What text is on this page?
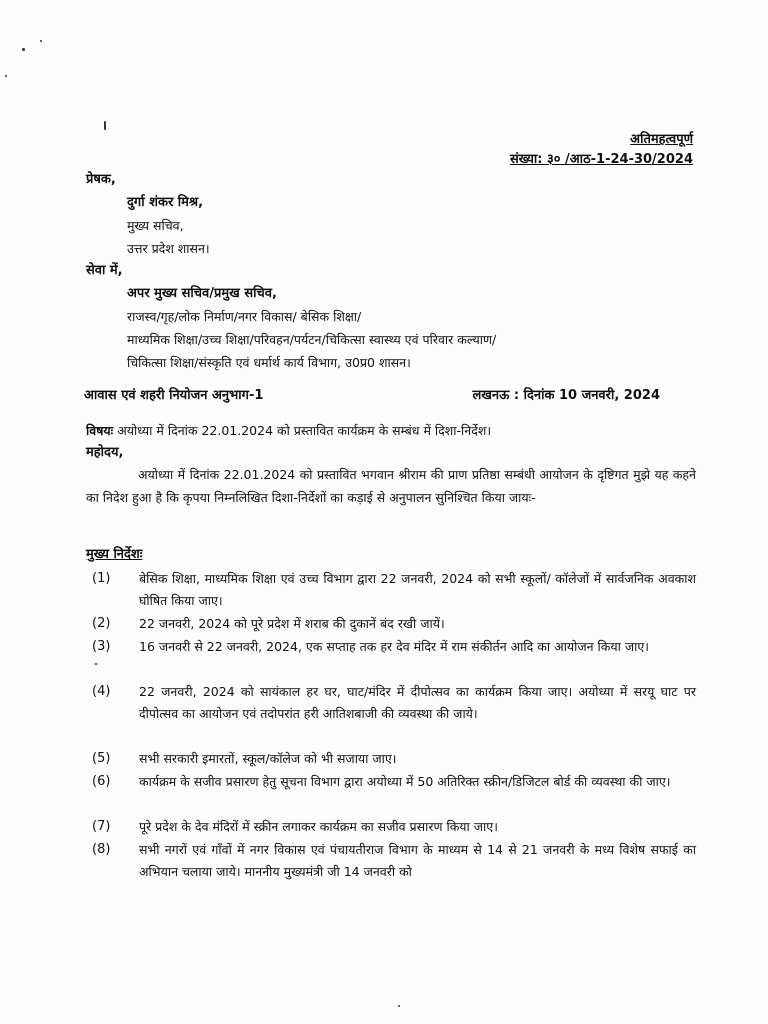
अतिमहत्वपूर्ण
संख्या: ३० /आठ-1-24-30/2024
प्रेषक,
दुर्गा शंकर मिश्र,
मुख्य सचिव,
उत्तर प्रदेश शासन।
सेवा में,
अपर मुख्य सचिव/प्रमुख सचिव,
राजस्व/गृह/लोक निर्माण/नगर विकास/ बेसिक शिक्षा/
माध्यमिक शिक्षा/उच्च शिक्षा/परिवहन/पर्यटन/चिकित्सा स्वास्थ्य एवं परिवार कल्याण/
चिकित्सा शिक्षा/संस्कृति एवं धर्मार्थ कार्य विभाग, उ0प्र0 शासन।
आवास एवं शहरी नियोजन अनुभाग-1	लखनऊ : दिनांक 10 जनवरी, 2024
विषयः अयोध्या में दिनांक 22.01.2024 को प्रस्तावित कार्यक्रम के सम्बंध में दिशा-निर्देश।
महोदय,
अयोध्या में दिनांक 22.01.2024 को प्रस्तावित भगवान श्रीराम की प्राण प्रतिष्ठा सम्बंधी आयोजन के दृष्टिगत मुझे यह कहने का निदेश हुआ है कि कृपया निम्नलिखित दिशा-निर्देशों का कड़ाई से अनुपालन सुनिश्चित किया जायः-
मुख्य निर्देशः
(1) बेसिक शिक्षा, माध्यमिक शिक्षा एवं उच्च विभाग द्वारा 22 जनवरी, 2024 को सभी स्कूलों/ कॉलेजों में सार्वजनिक अवकाश घोषित किया जाए।
(2) 22 जनवरी, 2024 को पूरे प्रदेश में शराब की दुकानें बंद रखी जायें।
(3) 16 जनवरी से 22 जनवरी, 2024, एक सप्ताह तक हर देव मंदिर में राम संकीर्तन आदि का आयोजन किया जाए।
(4) 22 जनवरी, 2024 को सायंकाल हर घर, घाट/मंदिर में दीपोत्सव का कार्यक्रम किया जाए। अयोध्या में सरयू घाट पर दीपोत्सव का आयोजन एवं तदोपरांत हरी आतिशबाजी की व्यवस्था की जाये।
(5) सभी सरकारी इमारतों, स्कूल/कॉलेज को भी सजाया जाए।
(6) कार्यक्रम के सजीव प्रसारण हेतु सूचना विभाग द्वारा अयोध्या में 50 अतिरिक्त स्क्रीन/डिजिटल बोर्ड की व्यवस्था की जाए।
(7) पूरे प्रदेश के देव मंदिरों में स्क्रीन लगाकर कार्यक्रम का सजीव प्रसारण किया जाए।
(8) सभी नगरों एवं गाँवों में नगर विकास एवं पंचायतीराज विभाग के माध्यम से 14 से 21 जनवरी के मध्य विशेष सफाई का अभियान चलाया जाये। माननीय मुख्यमंत्री जी 14 जनवरी को
